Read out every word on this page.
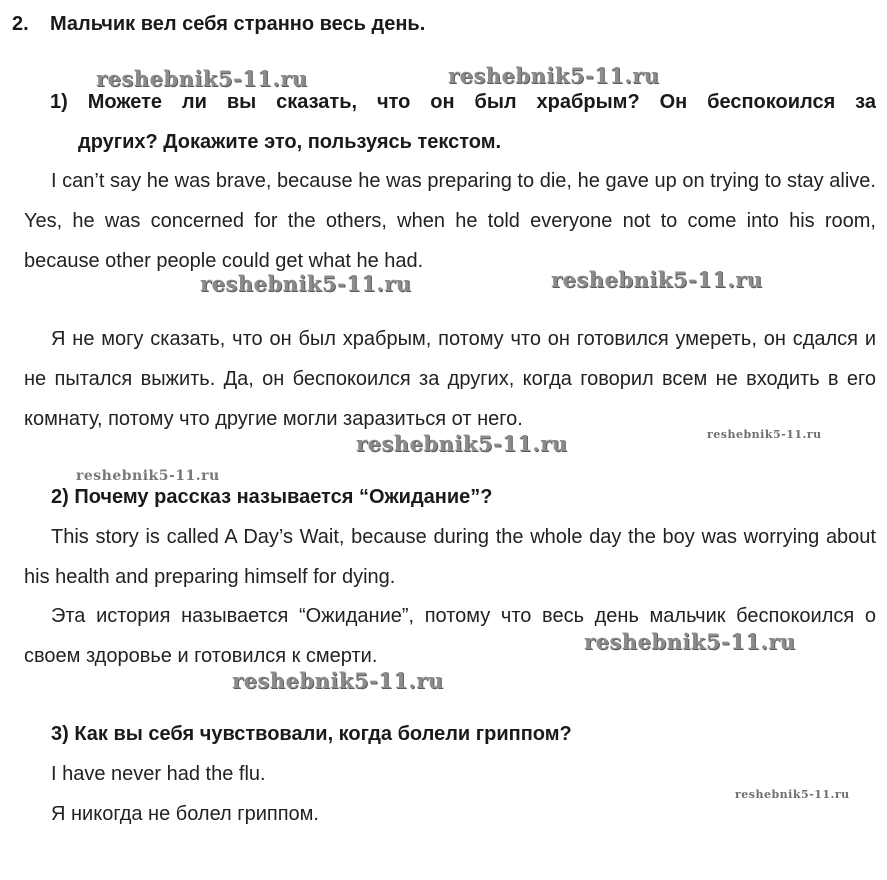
2. Мальчик вел себя странно весь день.
1) Можете ли вы сказать, что он был храбрым? Он беспокоился за
других? Докажите это, пользуясь текстом.
I can’t say he was brave, because he was preparing to die, he gave up on trying to stay alive. Yes, he was concerned for the others, when he told everyone not to come into his room, because other people could get what he had.
Я не могу сказать, что он был храбрым, потому что он готовился умереть, он сдался и не пытался выжить. Да, он беспокоился за других, когда говорил всем не входить в его комнату, потому что другие могли заразиться от него.
2) Почему рассказ называется “Ожидание”?
This story is called A Day’s Wait, because during the whole day the boy was worrying about his health and preparing himself for dying.
Эта история называется “Ожидание”, потому что весь день мальчик беспокоился о своем здоровье и готовился к смерти.
3) Как вы себя чувствовали, когда болели гриппом?
I have never had the flu.
Я никогда не болел гриппом.
reshebnik5-11.ru	reshebnik5-11.ru
reshebnik5-11.ru	reshebnik5-11.ru
reshebnik5-11.ru	reshebnik5-11.ru
reshebnik5-11.ru
reshebnik5-11.ru
reshebnik5-11.ru
reshebnik5-11.ru
